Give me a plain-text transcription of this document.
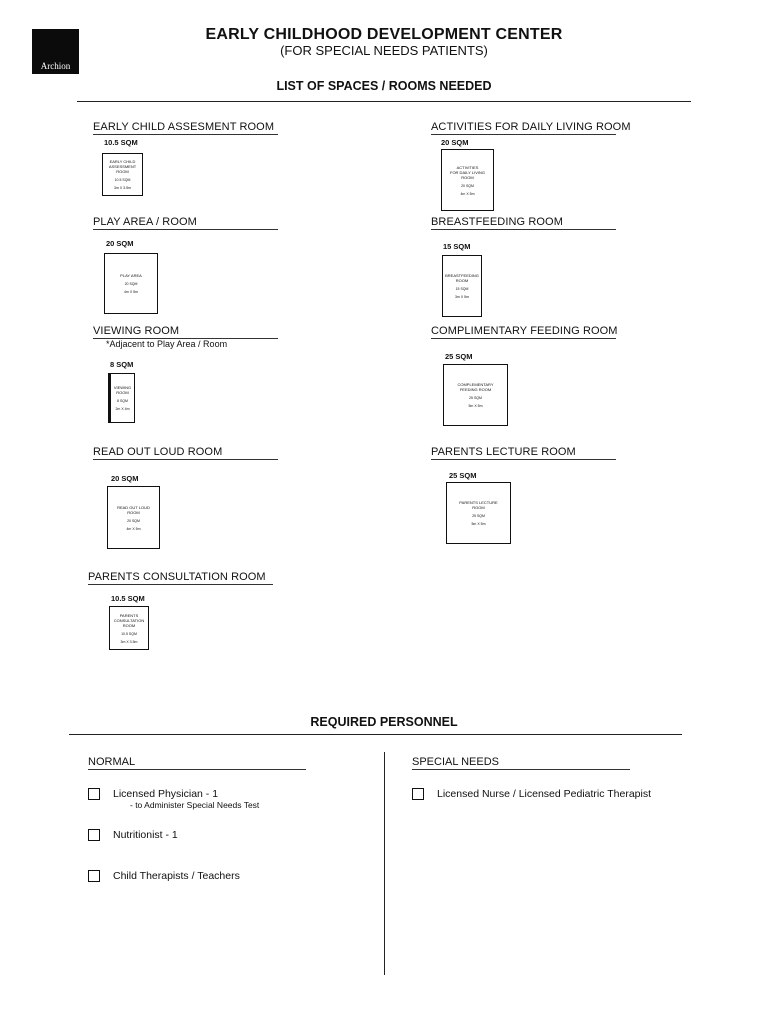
Archion
EARLY CHILDHOOD DEVELOPMENT CENTER
(FOR SPECIAL NEEDS PATIENTS)
LIST OF SPACES / ROOMS NEEDED
EARLY CHILD ASSESMENT ROOM
10.5 SQM
EARLY CHILD
ASSESSMENT
ROOM
10.5 SQM
3m X 3.5m
PLAY AREA / ROOM
20 SQM
PLAY AREA
20 SQM
4m X 5m
VIEWING ROOM
*Adjacent to Play Area / Room
8 SQM
VIEWING
ROOM
8 SQM
2m X 4m
READ OUT LOUD ROOM
20 SQM
READ OUT LOUD
ROOM
20 SQM
4m X 5m
PARENTS CONSULTATION ROOM
10.5 SQM
PARENTS
CONSULTATION
ROOM
10.5 SQM
3m X 3.5m
ACTIVITIES FOR DAILY LIVING ROOM
20 SQM
ACTIVITIES
FOR DAILY LIVING
ROOM
20 SQM
4m X 5m
BREASTFEEDING ROOM
15 SQM
BREASTFEEDING
ROOM
15 SQM
3m X 5m
COMPLIMENTARY FEEDING ROOM
25 SQM
COMPLEMENTARY
FEEDING ROOM
25 SQM
5m X 5m
PARENTS LECTURE ROOM
25 SQM
PARENTS LECTURE
ROOM
25 SQM
5m X 5m
REQUIRED PERSONNEL
NORMAL
Licensed Physician - 1
- to Administer Special Needs Test
Nutritionist - 1
Child Therapists / Teachers
SPECIAL NEEDS
Licensed Nurse / Licensed Pediatric Therapist
